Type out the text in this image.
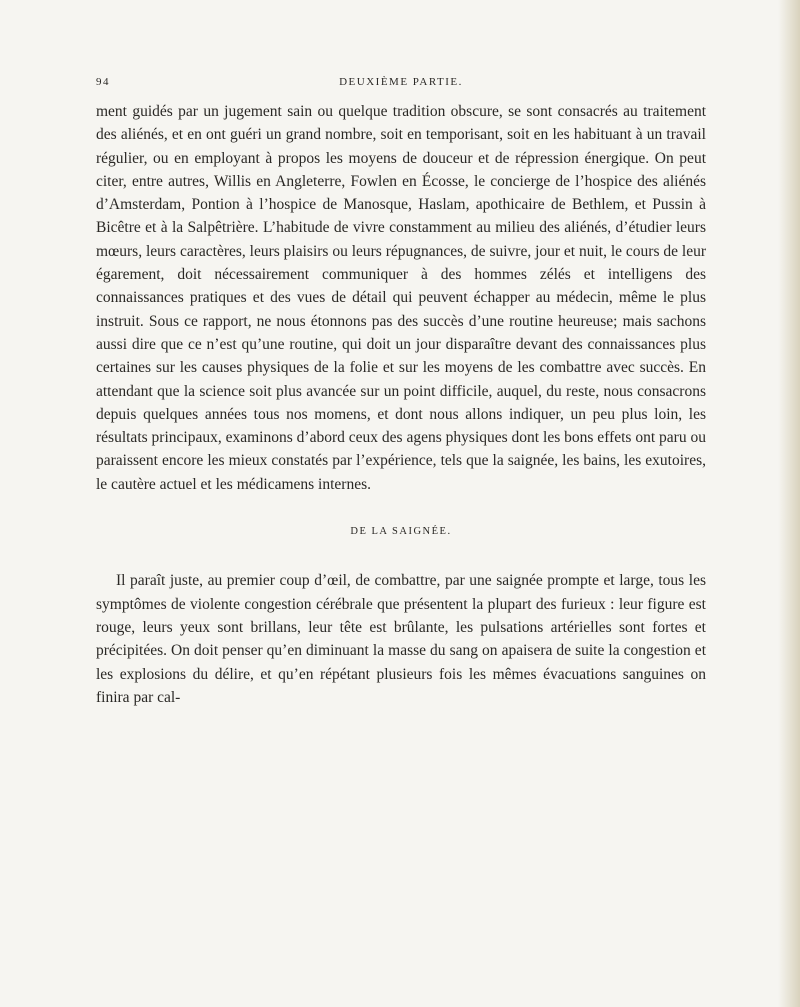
94	DEUXIÈME PARTIE.

ment guidés par un jugement sain ou quelque tradition obscure, se sont consacrés au traitement des aliénés, et en ont guéri un grand nombre, soit en temporisant, soit en les habituant à un travail régulier, ou en employant à propos les moyens de douceur et de répression énergique. On peut citer, entre autres, Willis en Angleterre, Fowlen en Écosse, le concierge de l’hospice des aliénés d’Amsterdam, Pontion à l’hospice de Manosque, Haslam, apothicaire de Bethlem, et Pussin à Bicêtre et à la Salpêtrière. L’habitude de vivre constamment au milieu des aliénés, d’étudier leurs mœurs, leurs caractères, leurs plaisirs ou leurs répugnances, de suivre, jour et nuit, le cours de leur égarement, doit nécessairement communiquer à des hommes zélés et intelligens des connaissances pratiques et des vues de détail qui peuvent échapper au médecin, même le plus instruit. Sous ce rapport, ne nous étonnons pas des succès d’une routine heureuse; mais sachons aussi dire que ce n’est qu’une routine, qui doit un jour disparaître devant des connaissances plus certaines sur les causes physiques de la folie et sur les moyens de les combattre avec succès. En attendant que la science soit plus avancée sur un point difficile, auquel, du reste, nous consacrons depuis quelques années tous nos momens, et dont nous allons indiquer, un peu plus loin, les résultats principaux, examinons d’abord ceux des agens physiques dont les bons effets ont paru ou paraissent encore les mieux constatés par l’expérience, tels que la saignée, les bains, les exutoires, le cautère actuel et les médicamens internes.

DE LA SAIGNÉE.

Il paraît juste, au premier coup d’œil, de combattre, par une saignée prompte et large, tous les symptômes de violente congestion cérébrale que présentent la plupart des furieux : leur figure est rouge, leurs yeux sont brillans, leur tête est brûlante, les pulsations artérielles sont fortes et précipitées. On doit penser qu’en diminuant la masse du sang on apaisera de suite la congestion et les explosions du délire, et qu’en répétant plusieurs fois les mêmes évacuations sanguines on finira par cal-
